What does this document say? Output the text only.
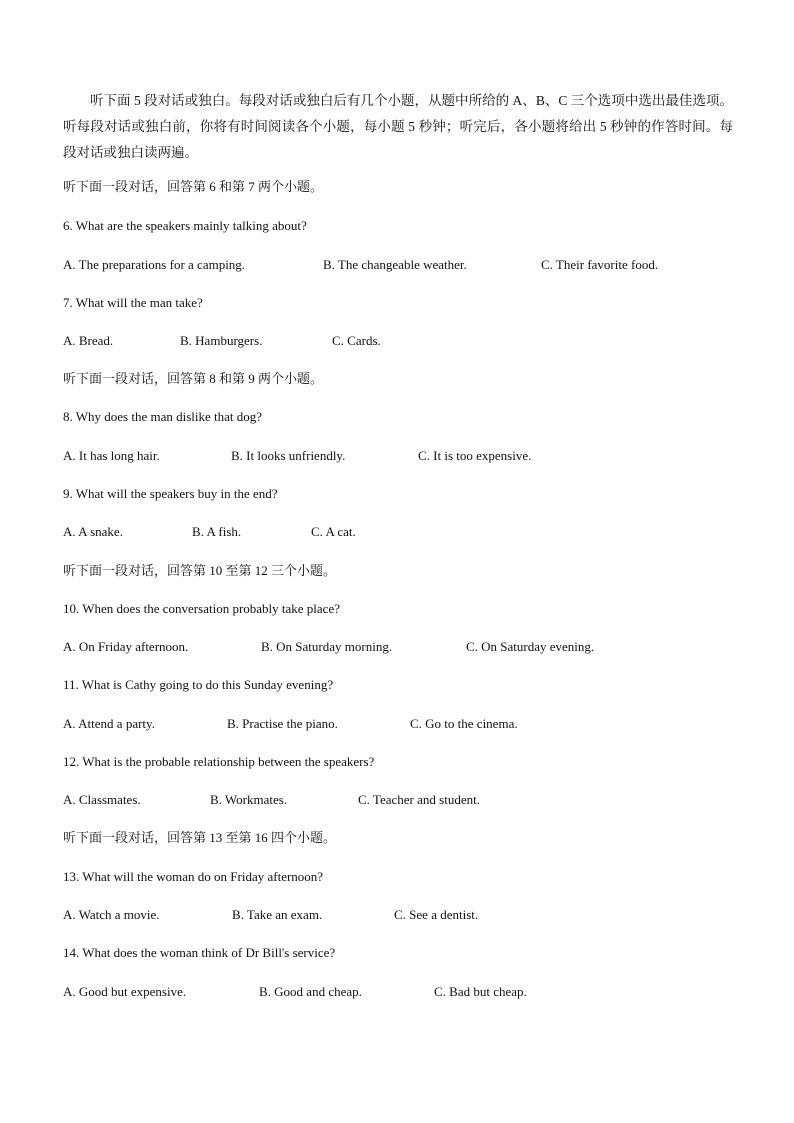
听下面 5 段对话或独白。每段对话或独白后有几个小题，从题中所给的 A、B、C 三个选项中选出最佳选项。听每段对话或独白前，你将有时间阅读各个小题，每小题 5 秒钟；听完后，各小题将给出 5 秒钟的作答时间。每段对话或独白读两遍。
听下面一段对话，回答第 6 和第 7 两个小题。
6. What are the speakers mainly talking about?
A. The preparations for a camping.	B. The changeable weather.	C. Their favorite food.
7. What will the man take?
A. Bread.	B. Hamburgers.	C. Cards.
听下面一段对话，回答第 8 和第 9 两个小题。
8. Why does the man dislike that dog?
A. It has long hair.	B. It looks unfriendly.	C. It is too expensive.
9. What will the speakers buy in the end?
A. A snake.	B. A fish.	C. A cat.
听下面一段对话，回答第 10 至第 12 三个小题。
10. When does the conversation probably take place?
A. On Friday afternoon.	B. On Saturday morning.	C. On Saturday evening.
11. What is Cathy going to do this Sunday evening?
A. Attend a party.	B. Practise the piano.	C. Go to the cinema.
12. What is the probable relationship between the speakers?
A. Classmates.	B. Workmates.	C. Teacher and student.
听下面一段对话，回答第 13 至第 16 四个小题。
13. What will the woman do on Friday afternoon?
A. Watch a movie.	B. Take an exam.	C. See a dentist.
14. What does the woman think of Dr Bill's service?
A. Good but expensive.	B. Good and cheap.	C. Bad but cheap.
